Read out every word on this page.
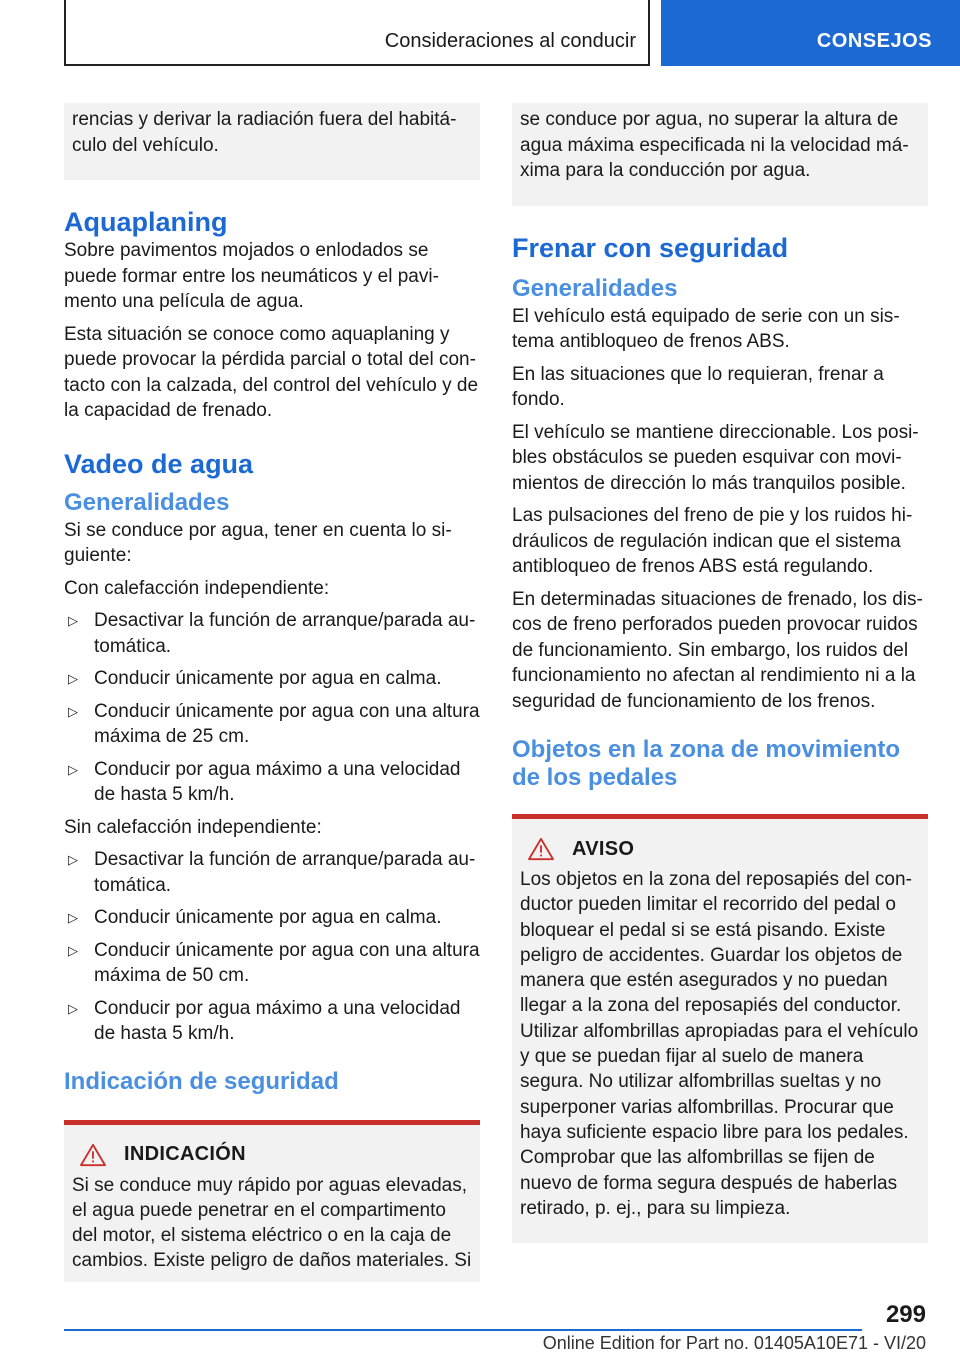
Consideraciones al conducir	CONSEJOS
rencias y derivar la radiación fuera del habitáculo del vehículo.
Aquaplaning

Sobre pavimentos mojados o enlodados se puede formar entre los neumáticos y el pavimento una película de agua.

Esta situación se conoce como aquaplaning y puede provocar la pérdida parcial o total del contacto con la calzada, del control del vehículo y de la capacidad de frenado.

Vadeo de agua
Generalidades

Si se conduce por agua, tener en cuenta lo siguiente:

Con calefacción independiente:

▷ Desactivar la función de arranque/parada automática.
▷ Conducir únicamente por agua en calma.
▷ Conducir únicamente por agua con una altura máxima de 25 cm.
▷ Conducir por agua máximo a una velocidad de hasta 5 km/h.

Sin calefacción independiente:

▷ Desactivar la función de arranque/parada automática.
▷ Conducir únicamente por agua en calma.
▷ Conducir únicamente por agua con una altura máxima de 50 cm.
▷ Conducir por agua máximo a una velocidad de hasta 5 km/h.
Indicación de seguridad
INDICACIÓN

Si se conduce muy rápido por aguas elevadas, el agua puede penetrar en el compartimento del motor, el sistema eléctrico o en la caja de cambios. Existe peligro de daños materiales. Si

se conduce por agua, no superar la altura de agua máxima especificada ni la velocidad máxima para la conducción por agua.
Frenar con seguridad
Generalidades

El vehículo está equipado de serie con un sistema antibloqueo de frenos ABS.

En las situaciones que lo requieran, frenar a fondo.

El vehículo se mantiene direccionable. Los posibles obstáculos se pueden esquivar con movimientos de dirección lo más tranquilos posible.

Las pulsaciones del freno de pie y los ruidos hidráulicos de regulación indican que el sistema antibloqueo de frenos ABS está regulando.

En determinadas situaciones de frenado, los discos de freno perforados pueden provocar ruidos de funcionamiento. Sin embargo, los ruidos del funcionamiento no afectan al rendimiento ni a la seguridad de funcionamiento de los frenos.

Objetos en la zona de movimiento de los pedales
AVISO

Los objetos en la zona del reposapiés del conductor pueden limitar el recorrido del pedal o bloquear el pedal si se está pisando. Existe peligro de accidentes. Guardar los objetos de manera que estén asegurados y no puedan llegar a la zona del reposapiés del conductor. Utilizar alfombrillas apropiadas para el vehículo y que se puedan fijar al suelo de manera segura. No utilizar alfombrillas sueltas y no superponer varias alfombrillas. Procurar que haya suficiente espacio libre para los pedales. Comprobar que las alfombrillas se fijen de nuevo de forma segura después de haberlas retirado, p. ej., para su limpieza.

299
Online Edition for Part no. 01405A10E71 - VI/20
